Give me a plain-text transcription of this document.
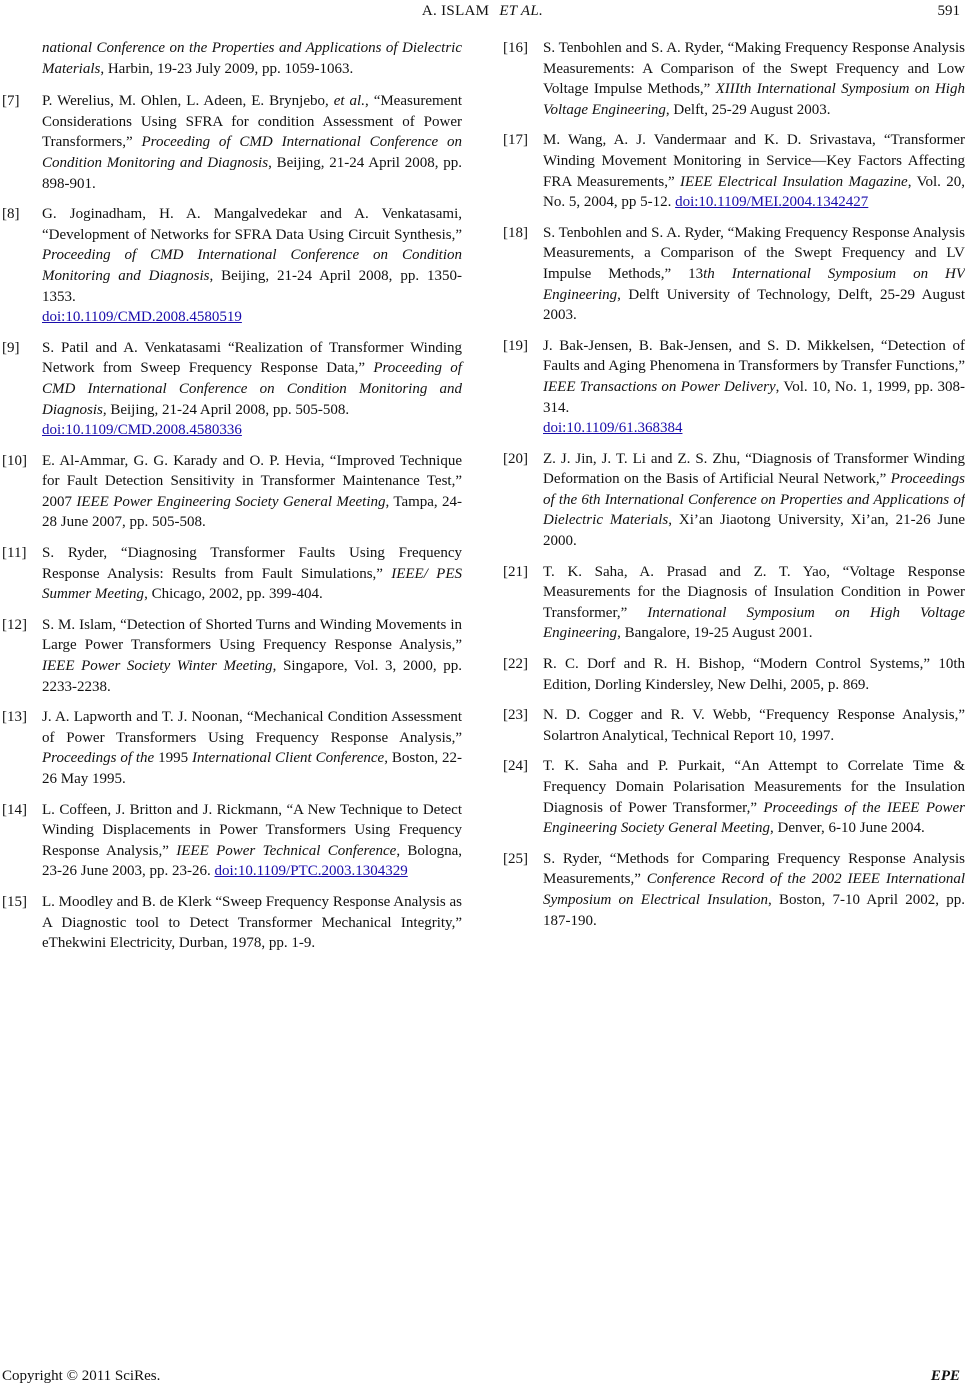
A. ISLAM ET AL.	591
national Conference on the Properties and Applications of Dielectric Materials, Harbin, 19-23 July 2009, pp. 1059-1063.
[7] P. Werelius, M. Ohlen, L. Adeen, E. Brynjebo, et al., “Measurement Considerations Using SFRA for condition Assessment of Power Transformers,” Proceeding of CMD International Conference on Condition Monitoring and Diagnosis, Beijing, 21-24 April 2008, pp. 898-901.
[8] G. Joginadham, H. A. Mangalvedekar and A. Venkatasami, “Development of Networks for SFRA Data Using Circuit Synthesis,” Proceeding of CMD International Conference on Condition Monitoring and Diagnosis, Beijing, 21-24 April 2008, pp. 1350-1353.
doi:10.1109/CMD.2008.4580519
[9] S. Patil and A. Venkatasami “Realization of Transformer Winding Network from Sweep Frequency Response Data,” Proceeding of CMD International Conference on Condition Monitoring and Diagnosis, Beijing, 21-24 April 2008, pp. 505-508.
doi:10.1109/CMD.2008.4580336
[10] E. Al-Ammar, G. G. Karady and O. P. Hevia, “Improved Technique for Fault Detection Sensitivity in Transformer Maintenance Test,” 2007 IEEE Power Engineering Society General Meeting, Tampa, 24-28 June 2007, pp. 505-508.
[11] S. Ryder, “Diagnosing Transformer Faults Using Frequency Response Analysis: Results from Fault Simulations,” IEEE/ PES Summer Meeting, Chicago, 2002, pp. 399-404.
[12] S. M. Islam, “Detection of Shorted Turns and Winding Movements in Large Power Transformers Using Frequency Response Analysis,” IEEE Power Society Winter Meeting, Singapore, Vol. 3, 2000, pp. 2233-2238.
[13] J. A. Lapworth and T. J. Noonan, “Mechanical Condition Assessment of Power Transformers Using Frequency Response Analysis,” Proceedings of the 1995 International Client Conference, Boston, 22-26 May 1995.
[14] L. Coffeen, J. Britton and J. Rickmann, “A New Technique to Detect Winding Displacements in Power Transformers Using Frequency Response Analysis,” IEEE Power Technical Conference, Bologna, 23-26 June 2003, pp. 23-26. doi:10.1109/PTC.2003.1304329
[15] L. Moodley and B. de Klerk “Sweep Frequency Response Analysis as A Diagnostic tool to Detect Transformer Mechanical Integrity,” eThekwini Electricity, Durban, 1978, pp. 1-9.
[16] S. Tenbohlen and S. A. Ryder, “Making Frequency Response Analysis Measurements: A Comparison of the Swept Frequency and Low Voltage Impulse Methods,” XIIIth International Symposium on High Voltage Engineering, Delft, 25-29 August 2003.
[17] M. Wang, A. J. Vandermaar and K. D. Srivastava, “Transformer Winding Movement Monitoring in Service—Key Factors Affecting FRA Measurements,” IEEE Electrical Insulation Magazine, Vol. 20, No. 5, 2004, pp 5-12. doi:10.1109/MEI.2004.1342427
[18] S. Tenbohlen and S. A. Ryder, “Making Frequency Response Analysis Measurements, a Comparison of the Swept Frequency and LV Impulse Methods,” 13th International Symposium on HV Engineering, Delft University of Technology, Delft, 25-29 August 2003.
[19] J. Bak-Jensen, B. Bak-Jensen, and S. D. Mikkelsen, “Detection of Faults and Aging Phenomena in Transformers by Transfer Functions,” IEEE Transactions on Power Delivery, Vol. 10, No. 1, 1999, pp. 308-314.
doi:10.1109/61.368384
[20] Z. J. Jin, J. T. Li and Z. S. Zhu, “Diagnosis of Transformer Winding Deformation on the Basis of Artificial Neural Network,” Proceedings of the 6th International Conference on Properties and Applications of Dielectric Materials, Xi’an Jiaotong University, Xi’an, 21-26 June 2000.
[21] T. K. Saha, A. Prasad and Z. T. Yao, “Voltage Response Measurements for the Diagnosis of Insulation Condition in Power Transformer,” International Symposium on High Voltage Engineering, Bangalore, 19-25 August 2001.
[22] R. C. Dorf and R. H. Bishop, “Modern Control Systems,” 10th Edition, Dorling Kindersley, New Delhi, 2005, p. 869.
[23] N. D. Cogger and R. V. Webb, “Frequency Response Analysis,” Solartron Analytical, Technical Report 10, 1997.
[24] T. K. Saha and P. Purkait, “An Attempt to Correlate Time & Frequency Domain Polarisation Measurements for the Insulation Diagnosis of Power Transformer,” Proceedings of the IEEE Power Engineering Society General Meeting, Denver, 6-10 June 2004.
[25] S. Ryder, “Methods for Comparing Frequency Response Analysis Measurements,” Conference Record of the 2002 IEEE International Symposium on Electrical Insulation, Boston, 7-10 April 2002, pp. 187-190.
Copyright © 2011 SciRes.	EPE
